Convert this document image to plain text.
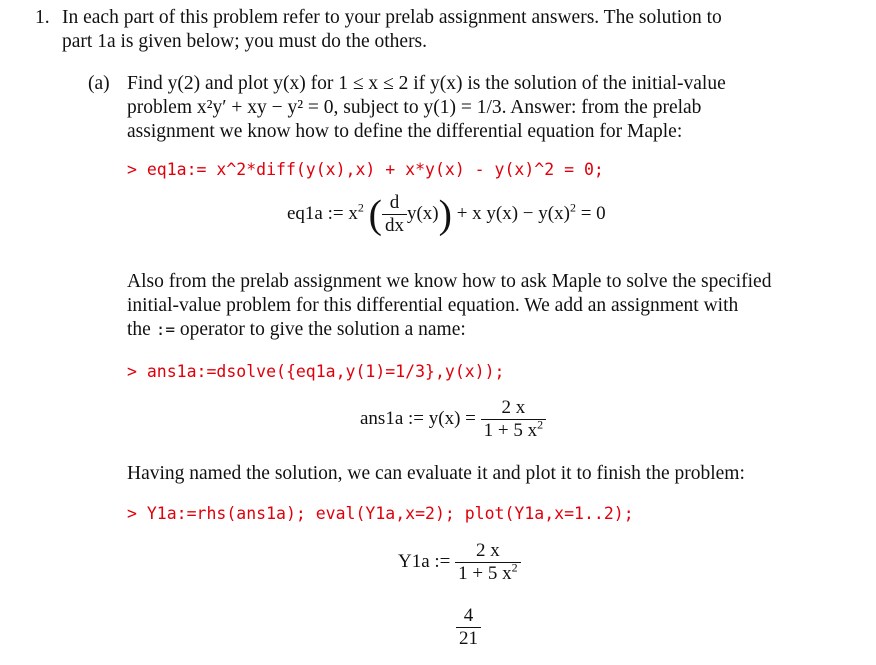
1. In each part of this problem refer to your prelab assignment answers. The solution to
part 1a is given below; you must do the others.
(a) Find y(2) and plot y(x) for 1 ≤ x ≤ 2 if y(x) is the solution of the initial-value
problem x²y′ + xy − y² = 0, subject to y(1) = 1/3. Answer: from the prelab
assignment we know how to define the differential equation for Maple:
> eq1a:= x^2*diff(y(x),x) + x*y(x) - y(x)^2 = 0;
eq1a := $x^2$ ( $\frac{d}{dx} y(x)) + x$ $y(x) - y(x)^2 = 0$
Also from the prelab assignment we know how to ask Maple to solve the specified
initial-value problem for this differential equation. We add an assignment with
the := operator to give the solution a name:
> ans1a:=dsolve({eq1a,y(1)=1/3},y(x));
ans1a := $y(x) = \frac{2 x}{1 + 5 x^2}$
Having named the solution, we can evaluate it and plot it to finish the problem:
> Y1a:=rhs(ans1a); eval(Y1a,x=2); plot(Y1a,x=1..2);
Y1a := $\frac{2 x}{1 + 5 x^2}$
$\frac{4}{21}$
